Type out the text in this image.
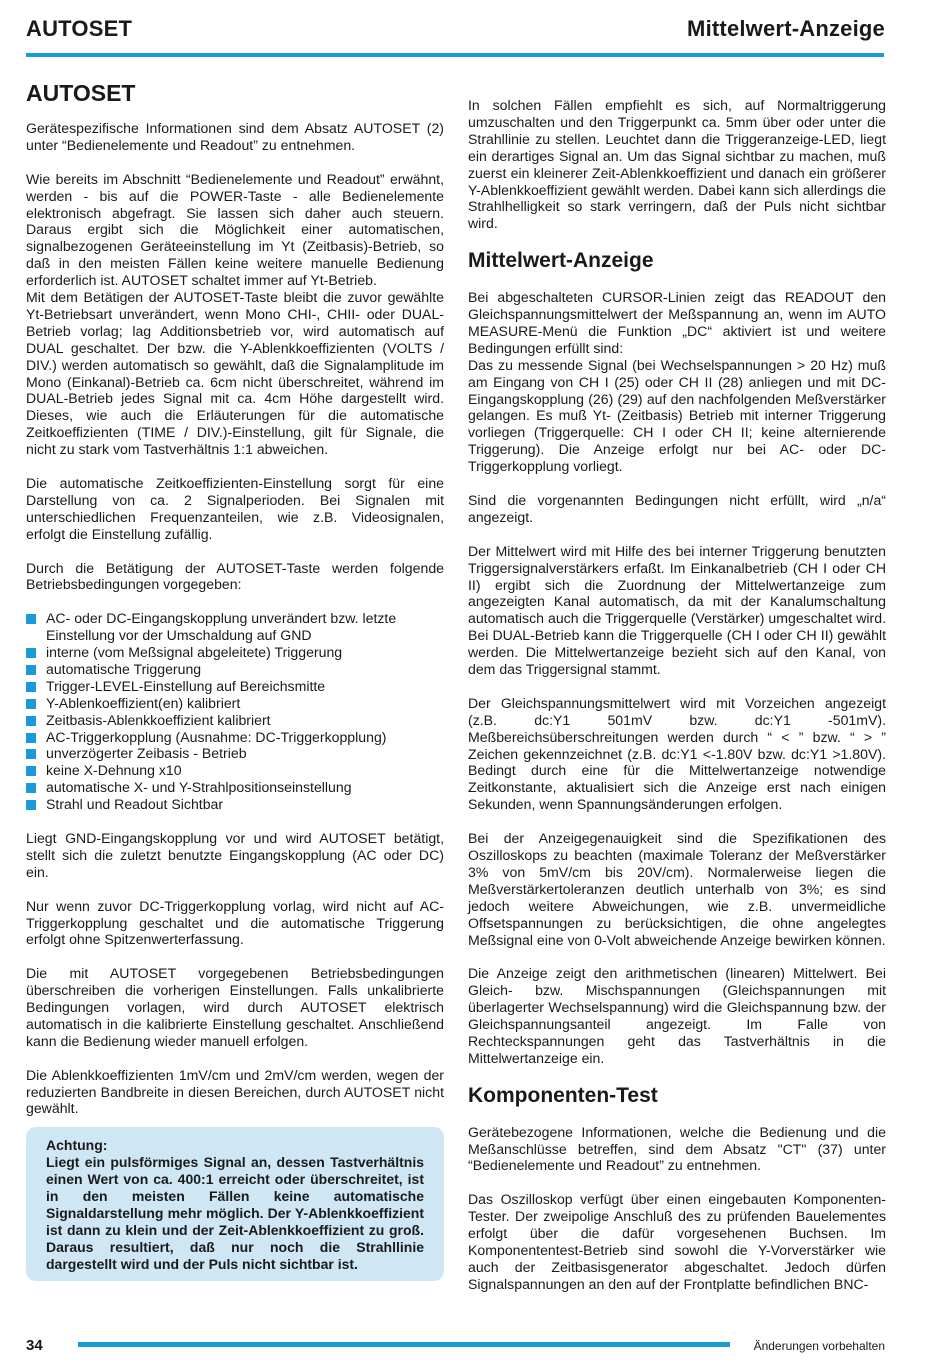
AUTOSET	Mittelwert-Anzeige
AUTOSET

Gerätespezifische Informationen sind dem Absatz AUTOSET (2) unter “Bedienelemente und Readout” zu entnehmen.

Wie bereits im Abschnitt “Bedienelemente und Readout” erwähnt, werden - bis auf die POWER-Taste - alle Bedienelemente elektronisch abgefragt. Sie lassen sich daher auch steuern. Daraus ergibt sich die Möglichkeit einer automatischen, signalbezogenen Geräteeinstellung im Yt (Zeitbasis)-Betrieb, so daß in den meisten Fällen keine weitere manuelle Bedienung erforderlich ist. AUTOSET schaltet immer auf Yt-Betrieb.

Mit dem Betätigen der AUTOSET-Taste bleibt die zuvor gewählte Yt-Betriebsart unverändert, wenn Mono CHI-, CHII- oder DUAL-Betrieb vorlag; lag Additionsbetrieb vor, wird automatisch auf DUAL geschaltet. Der bzw. die Y-Ablenkkoeffizienten (VOLTS / DIV.) werden automatisch so gewählt, daß die Signalamplitude im Mono (Einkanal)-Betrieb ca. 6cm nicht überschreitet, während im DUAL-Betrieb jedes Signal mit ca. 4cm Höhe dargestellt wird. Dieses, wie auch die Erläuterungen für die automatische Zeitkoeffizienten (TIME / DIV.)-Einstellung, gilt für Signale, die nicht zu stark vom Tastverhältnis 1:1 abweichen.

Die automatische Zeitkoeffizienten-Einstellung sorgt für eine Darstellung von ca. 2 Signalperioden. Bei Signalen mit unterschiedlichen Frequenzanteilen, wie z.B. Videosignalen, erfolgt die Einstellung zufällig.

Durch die Betätigung der AUTOSET-Taste werden folgende Betriebsbedingungen vorgegeben:

AC- oder DC-Eingangskopplung unverändert bzw. letzte Einstellung vor der Umschaldung auf GND
interne (vom Meßsignal abgeleitete) Triggerung
automatische Triggerung
Trigger-LEVEL-Einstellung auf Bereichsmitte
Y-Ablenkoeffizient(en) kalibriert
Zeitbasis-Ablenkkoeffizient kalibriert
AC-Triggerkopplung (Ausnahme: DC-Triggerkopplung)
unverzögerter Zeibasis - Betrieb
keine X-Dehnung x10
automatische X- und Y-Strahlpositionseinstellung
Strahl und Readout Sichtbar

Liegt GND-Eingangskopplung vor und wird AUTOSET betätigt, stellt sich die zuletzt benutzte Eingangskopplung (AC oder DC) ein.

Nur wenn zuvor DC-Triggerkopplung vorlag, wird nicht auf AC-Triggerkopplung geschaltet und die automatische Triggerung erfolgt ohne Spitzenwerterfassung.

Die mit AUTOSET vorgegebenen Betriebsbedingungen überschreiben die vorherigen Einstellungen. Falls unkalibrierte Bedingungen vorlagen, wird durch AUTOSET elektrisch automatisch in die kalibrierte Einstellung geschaltet. Anschließend kann die Bedienung wieder manuell erfolgen.

Die Ablenkkoeffizienten 1mV/cm und 2mV/cm werden, wegen der reduzierten Bandbreite in diesen Bereichen, durch AUTOSET nicht gewählt.

Achtung:
Liegt ein pulsförmiges Signal an, dessen Tastverhältnis einen Wert von ca. 400:1 erreicht oder überschreitet, ist in den meisten Fällen keine automatische Signaldarstellung mehr möglich. Der Y-Ablenkkoeffizient ist dann zu klein und der Zeit-Ablenkkoeffizient zu groß. Daraus resultiert, daß nur noch die Strahllinie dargestellt wird und der Puls nicht sichtbar ist.

In solchen Fällen empfiehlt es sich, auf Normaltriggerung umzuschalten und den Triggerpunkt ca. 5mm über oder unter die Strahllinie zu stellen. Leuchtet dann die Triggeranzeige-LED, liegt ein derartiges Signal an. Um das Signal sichtbar zu machen, muß zuerst ein kleinerer Zeit-Ablenkkoeffizient und danach ein größerer Y-Ablenkkoeffizient gewählt werden. Dabei kann sich allerdings die Strahlhelligkeit so stark verringern, daß der Puls nicht sichtbar wird.

Mittelwert-Anzeige

Bei abgeschalteten CURSOR-Linien zeigt das READOUT den Gleichspannungsmittelwert der Meßspannung an, wenn im AUTO MEASURE-Menü die Funktion „DC“ aktiviert ist und weitere Bedingungen erfüllt sind:

Das zu messende Signal (bei Wechselspannungen > 20 Hz) muß am Eingang von CH I (25) oder CH II (28) anliegen und mit DC-Eingangskopplung (26) (29) auf den nachfolgenden Meßverstärker gelangen. Es muß Yt- (Zeitbasis) Betrieb mit interner Triggerung vorliegen (Triggerquelle: CH I oder CH II; keine alternierende Triggerung). Die Anzeige erfolgt nur bei AC- oder DC-Triggerkopplung vorliegt.

Sind die vorgenannten Bedingungen nicht erfüllt, wird „n/a“ angezeigt.

Der Mittelwert wird mit Hilfe des bei interner Triggerung benutzten Triggersignalverstärkers erfaßt. Im Einkanalbetrieb (CH I oder CH II) ergibt sich die Zuordnung der Mittelwertanzeige zum angezeigten Kanal automatisch, da mit der Kanalumschaltung automatisch auch die Triggerquelle (Verstärker) umgeschaltet wird. Bei DUAL-Betrieb kann die Triggerquelle (CH I oder CH II) gewählt werden. Die Mittelwertanzeige bezieht sich auf den Kanal, von dem das Triggersignal stammt.

Der Gleichspannungsmittelwert wird mit Vorzeichen angezeigt (z.B. dc:Y1 501mV bzw. dc:Y1 -501mV). Meßbereichsüberschreitungen werden durch “ < ” bzw. “ > ” Zeichen gekennzeichnet (z.B. dc:Y1 <-1.80V bzw. dc:Y1 >1.80V). Bedingt durch eine für die Mittelwertanzeige notwendige Zeitkonstante, aktualisiert sich die Anzeige erst nach einigen Sekunden, wenn Spannungsänderungen erfolgen.

Bei der Anzeigegenauigkeit sind die Spezifikationen des Oszilloskops zu beachten (maximale Toleranz der Meßverstärker 3% von 5mV/cm bis 20V/cm). Normalerweise liegen die Meßverstärkertoleranzen deutlich unterhalb von 3%; es sind jedoch weitere Abweichungen, wie z.B. unvermeidliche Offsetspannungen zu berücksichtigen, die ohne angelegtes Meßsignal eine von 0-Volt abweichende Anzeige bewirken können.

Die Anzeige zeigt den arithmetischen (linearen) Mittelwert. Bei Gleich- bzw. Mischspannungen (Gleichspannungen mit überlagerter Wechselspannung) wird die Gleichspannung bzw. der Gleichspannungsanteil angezeigt. Im Falle von Rechteckspannungen geht das Tastverhältnis in die Mittelwertanzeige ein.

Komponenten-Test

Gerätebezogene Informationen, welche die Bedienung und die Meßanschlüsse betreffen, sind dem Absatz "CT" (37) unter “Bedienelemente und Readout” zu entnehmen.

Das Oszilloskop verfügt über einen eingebauten Komponenten-Tester. Der zweipolige Anschluß des zu prüfenden Bauelementes erfolgt über die dafür vorgesehenen Buchsen. Im Komponententest-Betrieb sind sowohl die Y-Vorverstärker wie auch der Zeitbasisgenerator abgeschaltet. Jedoch dürfen Signalspannungen an den auf der Frontplatte befindlichen BNC-

34	Änderungen vorbehalten
